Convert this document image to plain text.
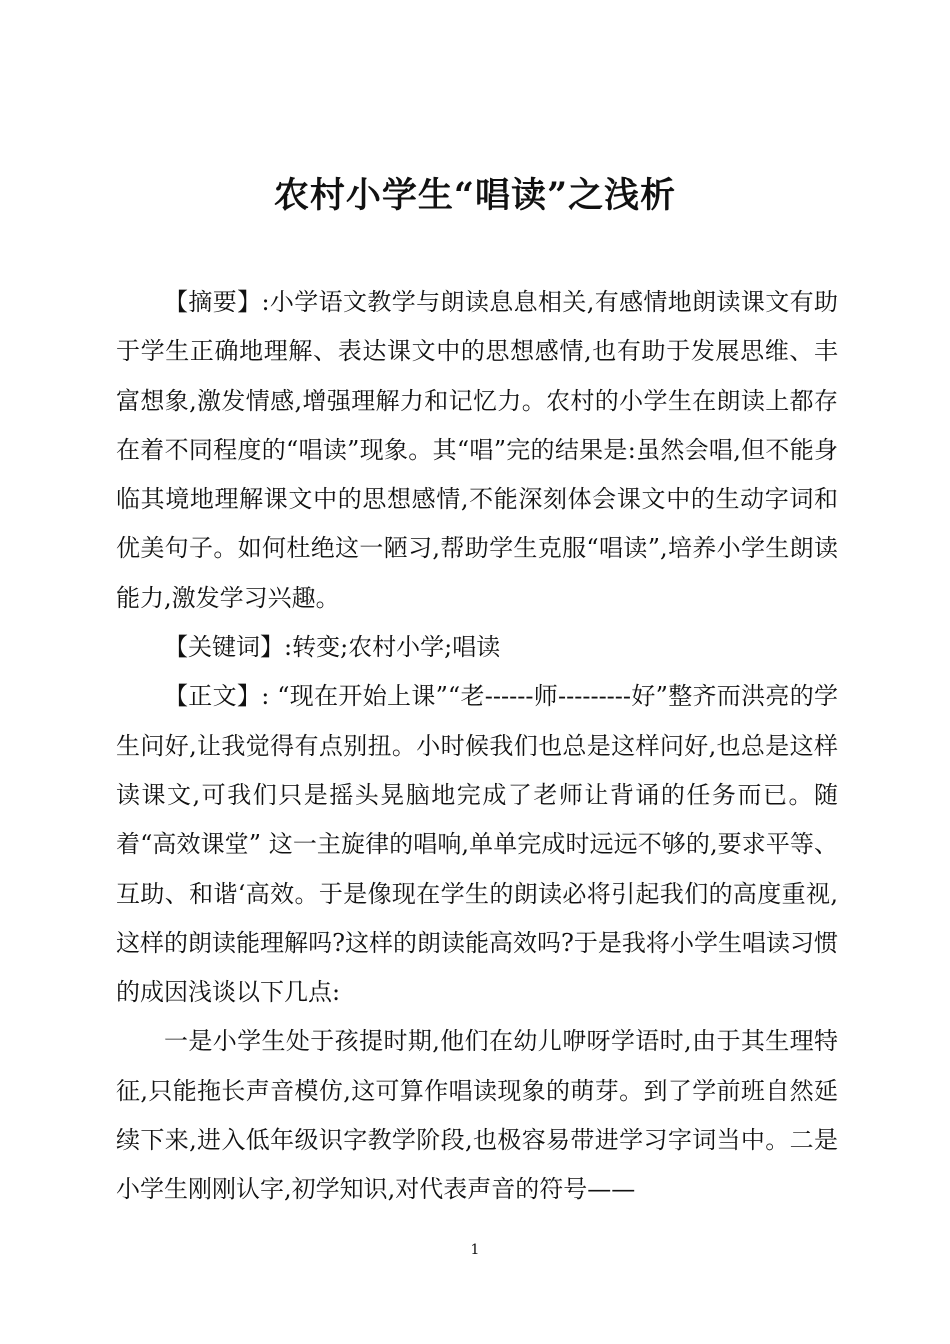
农村小学生“唱读”之浅析

【摘要】:小学语文教学与朗读息息相关,有感情地朗读课文有助于学生正确地理解、表达课文中的思想感情,也有助于发展思维、丰富想象,激发情感,增强理解力和记忆力。农村的小学生在朗读上都存在着不同程度的“唱读”现象。其“唱”完的结果是:虽然会唱,但不能身临其境地理解课文中的思想感情,不能深刻体会课文中的生动字词和优美句子。如何杜绝这一陋习,帮助学生克服“唱读”,培养小学生朗读能力,激发学习兴趣。

【关键词】:转变;农村小学;唱读

【正文】: “现在开始上课”“老------师---------好”整齐而洪亮的学生问好,让我觉得有点别扭。小时候我们也总是这样问好,也总是这样读课文,可我们只是摇头晃脑地完成了老师让背诵的任务而已。随着“高效课堂” 这一主旋律的唱响,单单完成时远远不够的,要求平等、互助、和谐‘高效。于是像现在学生的朗读必将引起我们的高度重视,这样的朗读能理解吗?这样的朗读能高效吗?于是我将小学生唱读习惯的成因浅谈以下几点:

一是小学生处于孩提时期,他们在幼儿咿呀学语时,由于其生理特征,只能拖长声音模仿,这可算作唱读现象的萌芽。到了学前班自然延续下来,进入低年级识字教学阶段,也极容易带进学习字词当中。二是小学生刚刚认字,初学知识,对代表声音的符号——

1
